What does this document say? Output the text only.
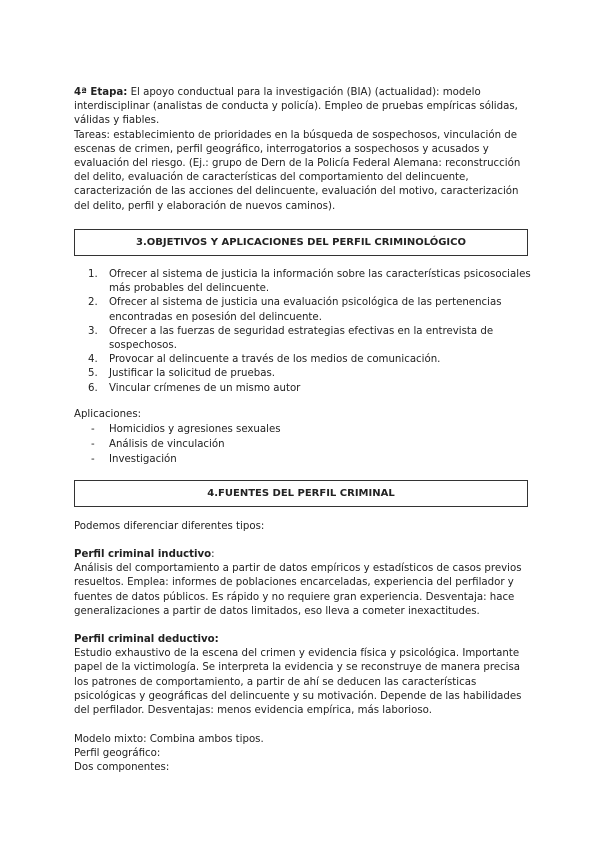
4ª Etapa: El apoyo conductual para la investigación (BIA) (actualidad): modelo interdisciplinar (analistas de conducta y policía). Empleo de pruebas empíricas sólidas, válidas y fiables.

Tareas: establecimiento de prioridades en la búsqueda de sospechosos, vinculación de escenas de crimen, perfil geográfico, interrogatorios a sospechosos y acusados y evaluación del riesgo. (Ej.: grupo de Dern de la Policía Federal Alemana: reconstrucción del delito, evaluación de características del comportamiento del delincuente, caracterización de las acciones del delincuente, evaluación del motivo, caracterización del delito, perfil y elaboración de nuevos caminos).

3.OBJETIVOS Y APLICACIONES DEL PERFIL CRIMINOLÓGICO
1. Ofrecer al sistema de justicia la información sobre las características psicosociales más probables del delincuente.
2. Ofrecer al sistema de justicia una evaluación psicológica de las pertenencias encontradas en posesión del delincuente.
3. Ofrecer a las fuerzas de seguridad estrategias efectivas en la entrevista de sospechosos.
4. Provocar al delincuente a través de los medios de comunicación.
5. Justificar la solicitud de pruebas.
6. Vincular crímenes de un mismo autor

Aplicaciones:

- Homicidios y agresiones sexuales
- Análisis de vinculación
- Investigación
4.FUENTES DEL PERFIL CRIMINAL

Podemos diferenciar diferentes tipos:

Perfil criminal inductivo:

Análisis del comportamiento a partir de datos empíricos y estadísticos de casos previos resueltos. Emplea: informes de poblaciones encarceladas, experiencia del perfilador y fuentes de datos públicos. Es rápido y no requiere gran experiencia. Desventaja: hace generalizaciones a partir de datos limitados, eso lleva a cometer inexactitudes.

Perfil criminal deductivo:

Estudio exhaustivo de la escena del crimen y evidencia física y psicológica. Importante papel de la victimología. Se interpreta la evidencia y se reconstruye de manera precisa los patrones de comportamiento, a partir de ahí se deducen las características psicológicas y geográficas del delincuente y su motivación. Depende de las habilidades del perfilador. Desventajas: menos evidencia empírica, más laborioso.

Modelo mixto: Combina ambos tipos.

Perfil geográfico:

Dos componentes:
